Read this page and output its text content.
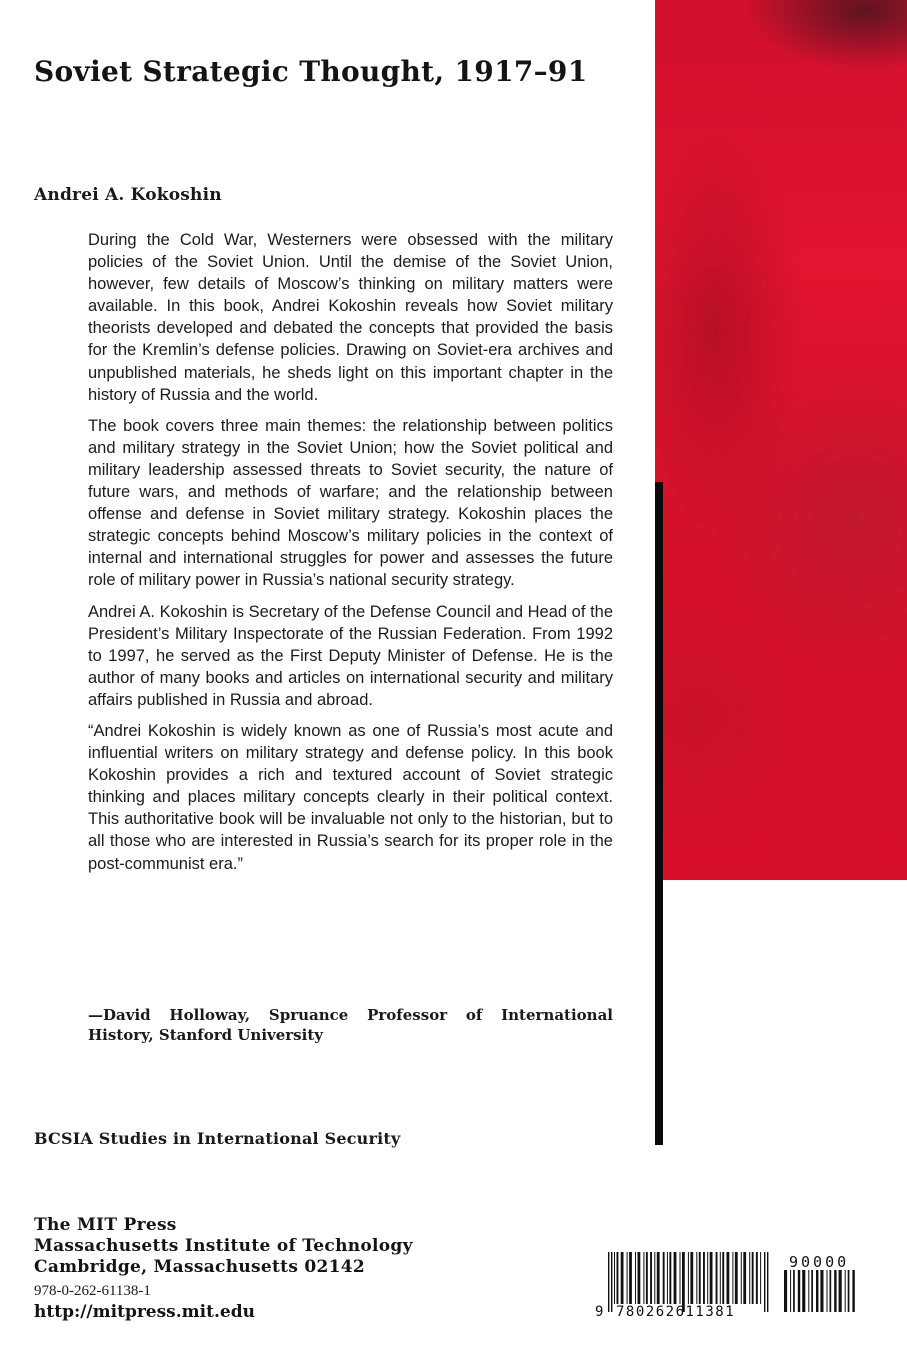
Soviet Strategic Thought, 1917–91
Andrei A. Kokoshin

During the Cold War, Westerners were obsessed with the military policies of the Soviet Union. Until the demise of the Soviet Union, however, few details of Moscow’s thinking on military matters were available. In this book, Andrei Kokoshin reveals how Soviet military theorists developed and debated the concepts that provided the basis for the Kremlin’s defense policies. Drawing on Soviet-era archives and unpublished materials, he sheds light on this important chapter in the history of Russia and the world.

The book covers three main themes: the relationship between politics and military strategy in the Soviet Union; how the Soviet political and military leadership assessed threats to Soviet security, the nature of future wars, and methods of warfare; and the relationship between offense and defense in Soviet military strategy. Kokoshin places the strategic concepts behind Moscow’s military policies in the context of internal and international struggles for power and assesses the future role of military power in Russia’s national security strategy.

Andrei A. Kokoshin is Secretary of the Defense Council and Head of the President’s Military Inspectorate of the Russian Federation. From 1992 to 1997, he served as the First Deputy Minister of Defense. He is the author of many books and articles on international security and military affairs published in Russia and abroad.

“Andrei Kokoshin is widely known as one of Russia’s most acute and influential writers on military strategy and defense policy. In this book Kokoshin provides a rich and textured account of Soviet strategic thinking and places military concepts clearly in their political context. This authoritative book will be invaluable not only to the historian, but to all those who are interested in Russia’s search for its proper role in the post-communist era.”

—David Holloway, Spruance Professor of International History, Stanford University
BCSIA Studies in International Security
The MIT Press
Massachusetts Institute of Technology
Cambridge, Massachusetts 02142
978-0-262-61138-1
http://mitpress.mit.edu	9 780262611381
90000
